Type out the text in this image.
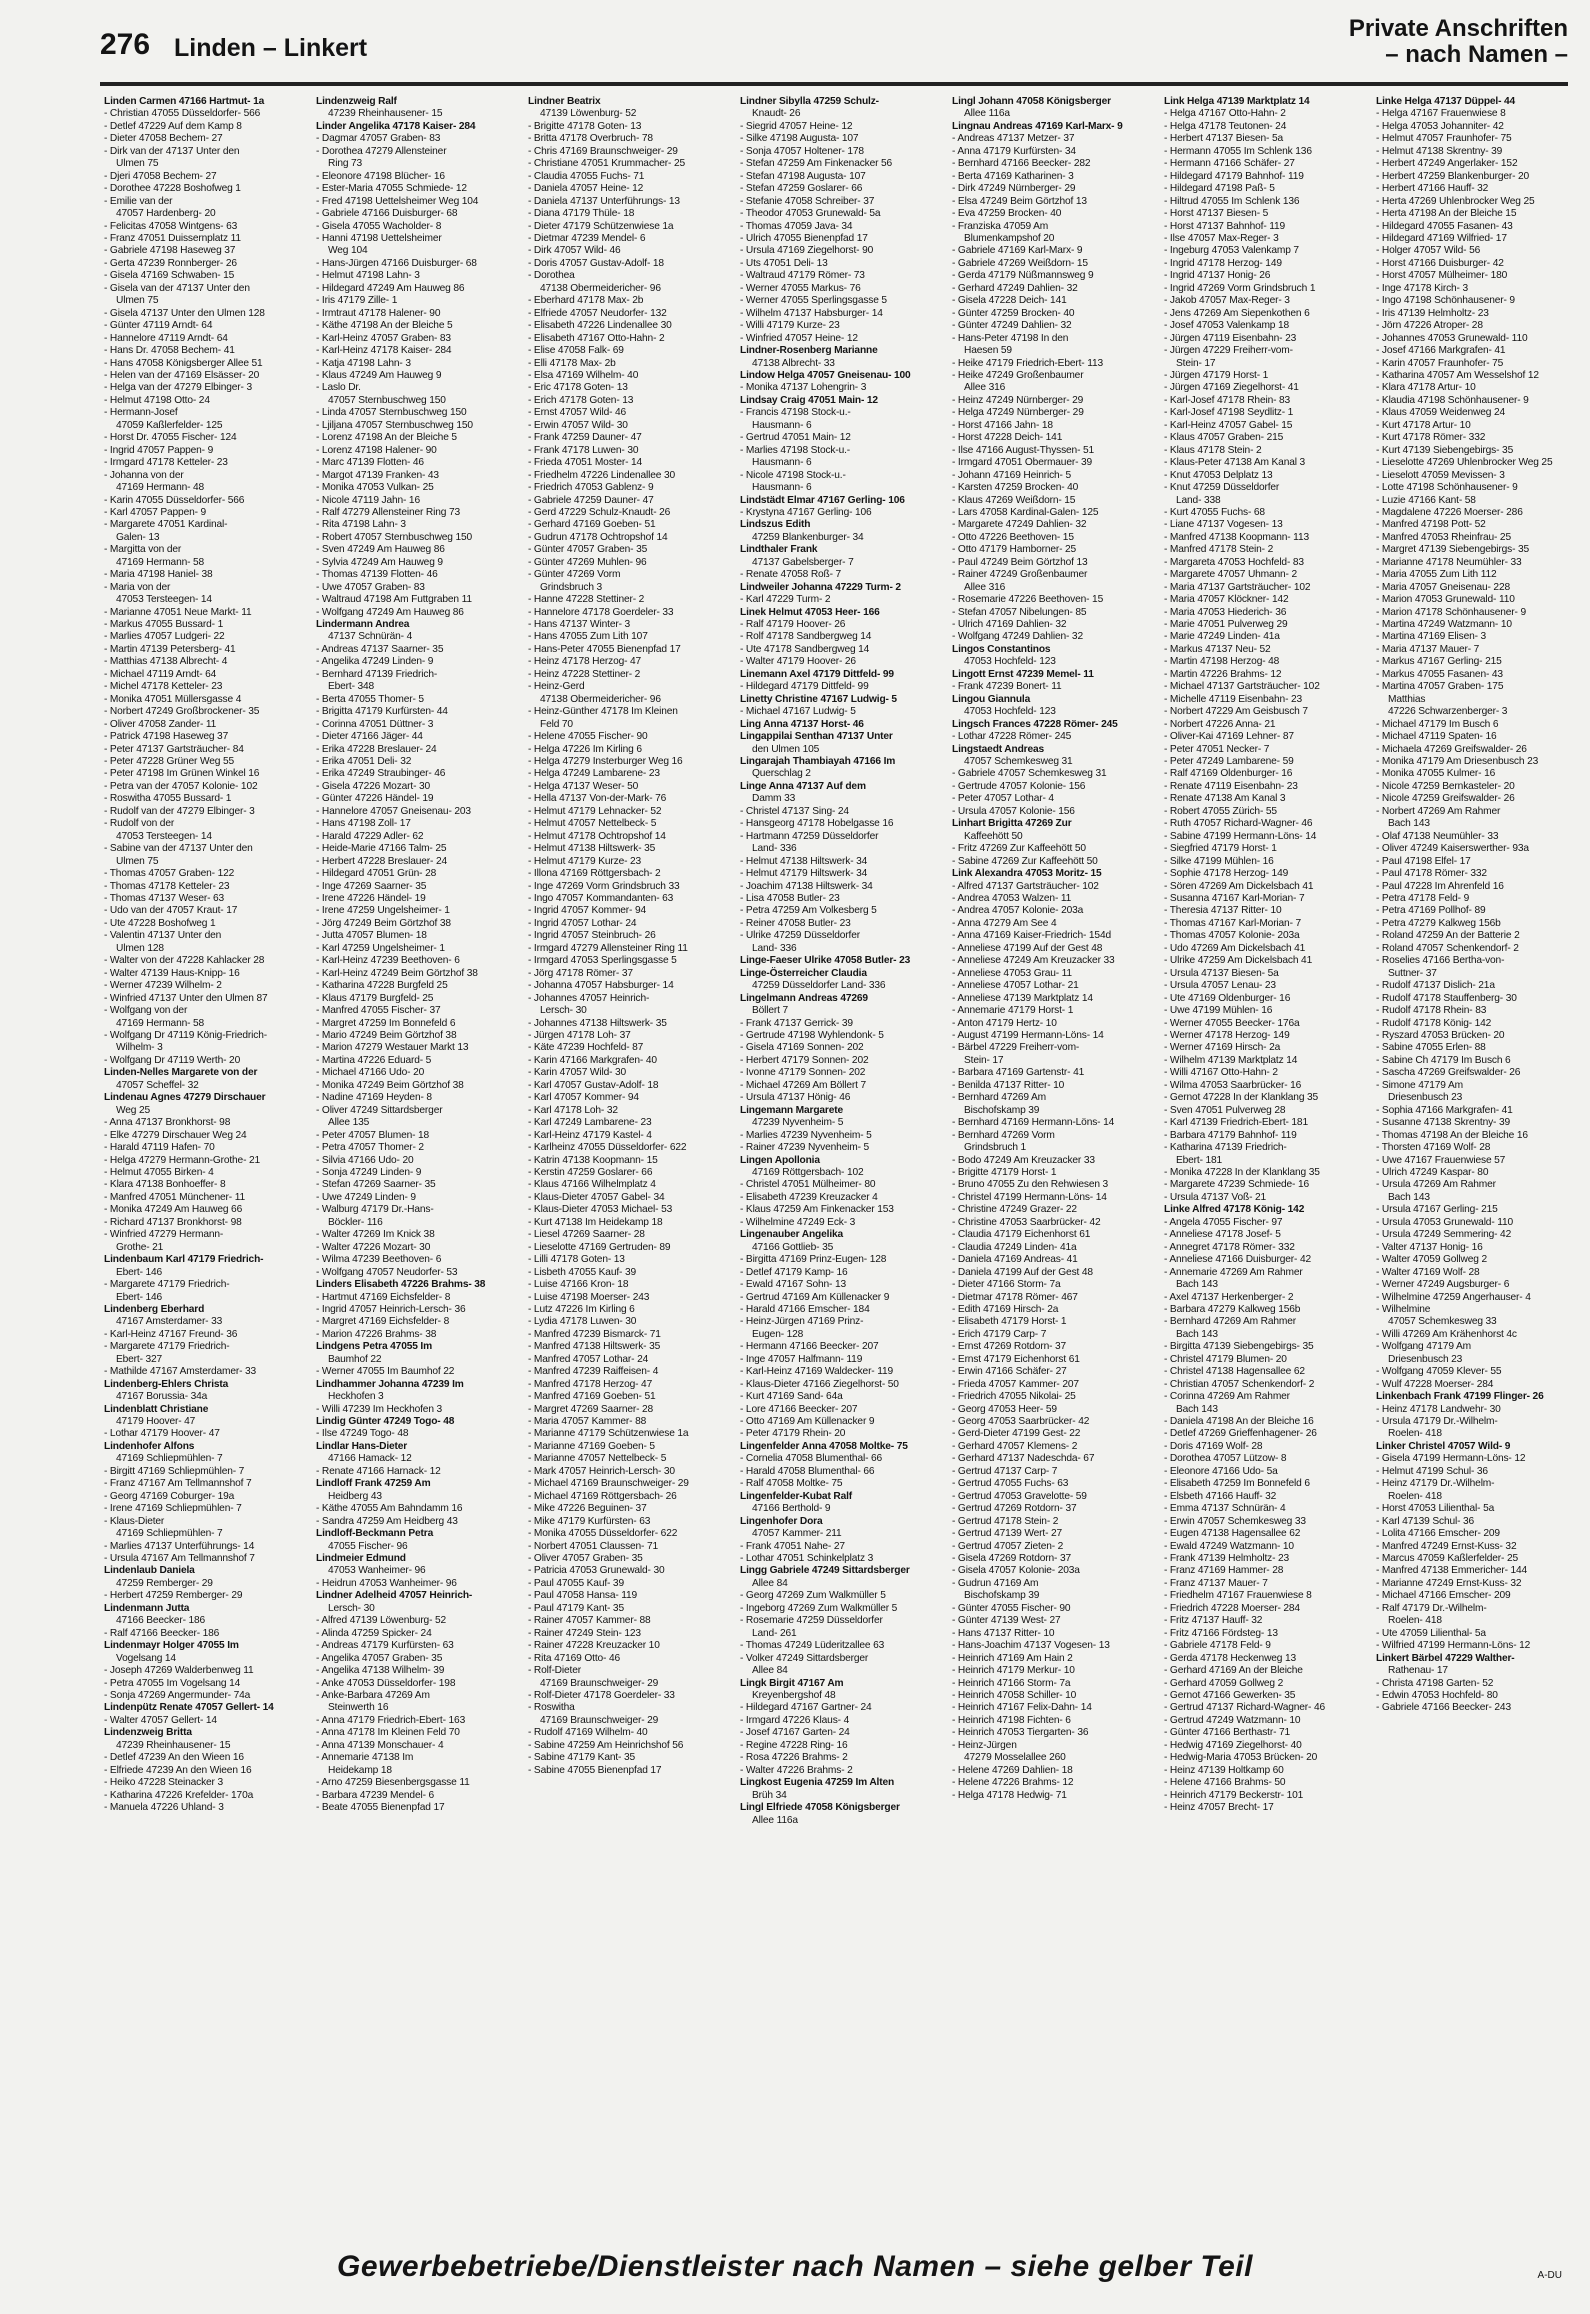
276 Linden – Linkert
Private Anschriften
– nach Namen –
Linden Carmen 47166 Hartmut- 1a
- Christian 47055 Düsseldorfer- 566
- Detlef 47229 Auf dem Kamp 8
- Dieter 47058 Bechem- 27
- Dirk van der 47137 Unter den
Ulmen 75
- Djeri 47058 Bechem- 27
- Dorothee 47228 Boshofweg 1
- Emilie van der
47057 Hardenberg- 20
- Felicitas 47058 Wintgens- 63
- Franz 47051 Duissernplatz 11
- Gabriele 47198 Haseweg 37
- Gerta 47239 Ronnberger- 26
- Gisela 47169 Schwaben- 15
- Gisela van der 47137 Unter den
Ulmen 75
- Gisela 47137 Unter den Ulmen 128
- Günter 47119 Arndt- 64
- Hannelore 47119 Arndt- 64
- Hans Dr. 47058 Bechem- 41
- Hans 47058 Königsberger Allee 51
- Helen van der 47169 Elsässer- 20
- Helga van der 47279 Elbinger- 3
- Helmut 47198 Otto- 24
- Hermann-Josef
47059 Kaßlerfelder- 125
- Horst Dr. 47055 Fischer- 124
- Ingrid 47057 Pappen- 9
- Irmgard 47178 Ketteler- 23
- Johanna von der
47169 Hermann- 48
- Karin 47055 Düsseldorfer- 566
- Karl 47057 Pappen- 9
- Margarete 47051 Kardinal-
Galen- 13
- Margitta von der
47169 Hermann- 58
- Maria 47198 Haniel- 38
- Maria von der
47053 Tersteegen- 14
- Marianne 47051 Neue Markt- 11
- Markus 47055 Bussard- 1
- Marlies 47057 Ludgeri- 22
- Martin 47139 Petersberg- 41
- Matthias 47138 Albrecht- 4
- Michael 47119 Arndt- 64
- Michel 47178 Ketteler- 23
- Monika 47051 Müllersgasse 4
- Norbert 47249 Großbrockener- 35
- Oliver 47058 Zander- 11
- Patrick 47198 Haseweg 37
- Peter 47137 Gartsträucher- 84
- Peter 47228 Grüner Weg 55
- Peter 47198 Im Grünen Winkel 16
- Petra van der 47057 Kolonie- 102
- Roswitha 47055 Bussard- 1
- Rudolf van der 47279 Elbinger- 3
- Rudolf von der
47053 Tersteegen- 14
- Sabine van der 47137 Unter den
Ulmen 75
- Thomas 47057 Graben- 122
- Thomas 47178 Ketteler- 23
- Thomas 47137 Weser- 63
- Udo van der 47057 Kraut- 17
- Ute 47228 Boshofweg 1
- Valentin 47137 Unter den
Ulmen 128
- Walter von der 47228 Kahlacker 28
- Walter 47139 Haus-Knipp- 16
- Werner 47239 Wilhelm- 2
- Winfried 47137 Unter den Ulmen 87
- Wolfgang von der
47169 Hermann- 58
- Wolfgang Dr 47119 König-Friedrich-
Wilhelm- 3
- Wolfgang Dr 47119 Werth- 20
Linden-Nelles Margarete von der
47057 Scheffel- 32
Lindenau Agnes 47279 Dirschauer
Weg 25
- Anna 47137 Bronkhorst- 98
- Elke 47279 Dirschauer Weg 24
- Harald 47119 Hafen- 70
- Helga 47279 Hermann-Grothe- 21
- Helmut 47055 Birken- 4
- Klara 47138 Bonhoeffer- 8
- Manfred 47051 Münchener- 11
- Monika 47249 Am Hauweg 66
- Richard 47137 Bronkhorst- 98
- Winfried 47279 Hermann-
Grothe- 21
Lindenbaum Karl 47179 Friedrich-
Ebert- 146
- Margarete 47179 Friedrich-
Ebert- 146
Lindenberg Eberhard
47167 Amsterdamer- 33
- Karl-Heinz 47167 Freund- 36
- Margarete 47179 Friedrich-
Ebert- 327
- Mathilde 47167 Amsterdamer- 33
Lindenberg-Ehlers Christa
47167 Borussia- 34a
Lindenblatt Christiane
47179 Hoover- 47
- Lothar 47179 Hoover- 47
Lindenhofer Alfons
47169 Schliepmühlen- 7
- Birgitt 47169 Schliepmühlen- 7
- Franz 47167 Am Tellmannshof 7
- Georg 47169 Coburger- 19a
- Irene 47169 Schliepmühlen- 7
- Klaus-Dieter
47169 Schliepmühlen- 7
- Marlies 47137 Unterführungs- 14
- Ursula 47167 Am Tellmannshof 7
Lindenlaub Daniela
47259 Remberger- 29
- Herbert 47259 Remberger- 29
Lindenmann Jutta
47166 Beecker- 186
- Ralf 47166 Beecker- 186
Lindenmayr Holger 47055 Im
Vogelsang 14
- Joseph 47269 Walderbenweg 11
- Petra 47055 Im Vogelsang 14
- Sonja 47269 Angermunder- 74a
Lindenpütz Renate 47057 Gellert- 14
- Walter 47057 Gellert- 14
Lindenzweig Britta
47239 Rheinhausener- 15
- Detlef 47239 An den Wieen 16
- Elfriede 47239 An den Wieen 16
- Heiko 47228 Steinacker 3
- Katharina 47226 Krefelder- 170a
- Manuela 47226 Uhland- 3
Lindenzweig Ralf
47239 Rheinhausener- 15
Linder Angelika 47178 Kaiser- 284
- Dagmar 47057 Graben- 83
- Dorothea 47279 Allensteiner
Ring 73
- Eleonore 47198 Blücher- 16
- Ester-Maria 47055 Schmiede- 12
- Fred 47198 Uettelsheimer Weg 104
- Gabriele 47166 Duisburger- 68
- Gisela 47055 Wacholder- 8
- Hanni 47198 Uettelsheimer
Weg 104
- Hans-Jürgen 47166 Duisburger- 68
- Helmut 47198 Lahn- 3
- Hildegard 47249 Am Hauweg 86
- Iris 47179 Zille- 1
- Irmtraut 47178 Halener- 90
- Käthe 47198 An der Bleiche 5
- Karl-Heinz 47057 Graben- 83
- Karl-Heinz 47178 Kaiser- 284
- Katja 47198 Lahn- 3
- Klaus 47249 Am Hauweg 9
- Laslo Dr.
47057 Sternbuschweg 150
- Linda 47057 Sternbuschweg 150
- Ljiljana 47057 Sternbuschweg 150
- Lorenz 47198 An der Bleiche 5
- Lorenz 47198 Halener- 90
- Marc 47139 Flotten- 46
- Margot 47139 Franken- 43
- Monika 47053 Vulkan- 25
- Nicole 47119 Jahn- 16
- Ralf 47279 Allensteiner Ring 73
- Rita 47198 Lahn- 3
- Robert 47057 Sternbuschweg 150
- Sven 47249 Am Hauweg 86
- Sylvia 47249 Am Hauweg 9
- Thomas 47139 Flotten- 46
- Uwe 47057 Graben- 83
- Waltraud 47198 Am Futtgraben 11
- Wolfgang 47249 Am Hauweg 86
Lindermann Andrea
47137 Schnürän- 4
- Andreas 47137 Saarner- 35
- Angelika 47249 Linden- 9
- Bernhard 47139 Friedrich-
Ebert- 348
- Berta 47055 Thomer- 5
- Brigitta 47179 Kurfürsten- 44
- Corinna 47051 Düttner- 3
- Dieter 47166 Jäger- 44
- Erika 47228 Breslauer- 24
- Erika 47051 Deli- 32
- Erika 47249 Straubinger- 46
- Gisela 47226 Mozart- 30
- Günter 47226 Händel- 19
- Hannelore 47057 Gneisenau- 203
- Hans 47198 Zoll- 17
- Harald 47229 Adler- 62
- Heide-Marie 47166 Talm- 25
- Herbert 47228 Breslauer- 24
- Hildegard 47051 Grün- 28
- Inge 47269 Saarner- 35
- Irene 47226 Händel- 19
- Irene 47259 Ungelsheimer- 1
- Jörg 47249 Beim Görtzhof 38
- Jutta 47057 Blumen- 18
- Karl 47259 Ungelsheimer- 1
- Karl-Heinz 47239 Beethoven- 6
- Karl-Heinz 47249 Beim Görtzhof 38
- Katharina 47228 Burgfeld 25
- Klaus 47179 Burgfeld- 25
- Manfred 47055 Fischer- 37
- Margret 47259 Im Bonnefeld 6
- Mario 47249 Beim Görtzhof 38
- Marion 47279 Westauer Markt 13
- Martina 47226 Eduard- 5
- Michael 47166 Udo- 20
- Monika 47249 Beim Görtzhof 38
- Nadine 47169 Heyden- 8
- Oliver 47249 Sittardsberger
Allee 135
- Peter 47057 Blumen- 18
- Petra 47057 Thomer- 2
- Silvia 47166 Udo- 20
- Sonja 47249 Linden- 9
- Stefan 47269 Saarner- 35
- Uwe 47249 Linden- 9
- Walburg 47179 Dr.-Hans-
Böckler- 116
- Walter 47269 Im Knick 38
- Walter 47226 Mozart- 30
- Wilma 47239 Beethoven- 6
- Wolfgang 47057 Neudorfer- 53
Linders Elisabeth 47226 Brahms- 38
- Hartmut 47169 Eichsfelder- 8
- Ingrid 47057 Heinrich-Lersch- 36
- Margret 47169 Eichsfelder- 8
- Marion 47226 Brahms- 38
Lindgens Petra 47055 Im
Baumhof 22
- Werner 47055 Im Baumhof 22
Lindhammer Johanna 47239 Im
Heckhofen 3
- Willi 47239 Im Heckhofen 3
Lindig Günter 47249 Togo- 48
- Ilse 47249 Togo- 48
Lindlar Hans-Dieter
47166 Hamack- 12
- Renate 47166 Harnack- 12
Lindloff Frank 47259 Am
Heidberg 43
- Käthe 47055 Am Bahndamm 16
- Sandra 47259 Am Heidberg 43
Lindloff-Beckmann Petra
47055 Fischer- 96
Lindmeier Edmund
47053 Wanheimer- 96
- Heidrun 47053 Wanheimer- 96
Lindner Adelheid 47057 Heinrich-
Lersch- 30
- Alfred 47139 Löwenburg- 52
- Alinda 47259 Spicker- 24
- Andreas 47179 Kurfürsten- 63
- Angelika 47057 Graben- 35
- Angelika 47138 Wilhelm- 39
- Anke 47053 Düsseldorfer- 198
- Anke-Barbara 47269 Am
Steinwerth 16
- Anna 47179 Friedrich-Ebert- 163
- Anna 47178 Im Kleinen Feld 70
- Anna 47139 Monschauer- 4
- Annemarie 47138 Im
Heidekamp 18
- Arno 47259 Biesenbergsgasse 11
- Barbara 47239 Mendel- 6
- Beate 47055 Bienenpfad 17
Lindner Beatrix
47139 Löwenburg- 52
- Brigitte 47178 Goten- 13
- Britta 47178 Overbruch- 78
- Chris 47169 Braunschweiger- 29
- Christiane 47051 Krummacher- 25
- Claudia 47055 Fuchs- 71
- Daniela 47057 Heine- 12
- Daniela 47137 Unterführungs- 13
- Diana 47179 Thüle- 18
- Dieter 47179 Schützenwiese 1a
- Dietmar 47239 Mendel- 6
- Dirk 47057 Wild- 46
- Doris 47057 Gustav-Adolf- 18
- Dorothea
47138 Obermeidericher- 96
- Eberhard 47178 Max- 2b
- Elfriede 47057 Neudorfer- 132
- Elisabeth 47226 Lindenallee 30
- Elisabeth 47167 Otto-Hahn- 2
- Elise 47058 Falk- 69
- Elli 47178 Max- 2b
- Elsa 47169 Wilhelm- 40
- Eric 47178 Goten- 13
- Erich 47178 Goten- 13
- Ernst 47057 Wild- 46
- Erwin 47057 Wild- 30
- Frank 47259 Dauner- 47
- Frank 47178 Luwen- 30
- Frieda 47051 Moster- 14
- Friedhelm 47226 Lindenallee 30
- Friedrich 47053 Gablenz- 9
- Gabriele 47259 Dauner- 47
- Gerd 47229 Schulz-Knaudt- 26
- Gerhard 47169 Goeben- 51
- Gudrun 47178 Ochtropshof 14
- Günter 47057 Graben- 35
- Günter 47269 Muhlen- 96
- Günter 47269 Vorm
Grindsbruch 3
- Hanne 47228 Stettiner- 2
- Hannelore 47178 Goerdeler- 33
- Hans 47137 Winter- 3
- Hans 47055 Zum Lith 107
- Hans-Peter 47055 Bienenpfad 17
- Heinz 47178 Herzog- 47
- Heinz 47228 Stettiner- 2
- Heinz-Gerd
47138 Obermeidericher- 96
- Heinz-Günther 47178 Im Kleinen
Feld 70
- Helene 47055 Fischer- 90
- Helga 47226 Im Kirling 6
- Helga 47279 Insterburger Weg 16
- Helga 47249 Lambarene- 23
- Helga 47137 Weser- 50
- Hella 47137 Von-der-Mark- 76
- Helmut 47179 Lehnacker- 52
- Helmut 47057 Nettelbeck- 5
- Helmut 47178 Ochtropshof 14
- Helmut 47138 Hiltswerk- 35
- Helmut 47179 Kurze- 23
- Illona 47169 Röttgersbach- 2
- Inge 47269 Vorm Grindsbruch 33
- Ingo 47057 Kommandanten- 63
- Ingrid 47057 Kommer- 94
- Ingrid 47057 Lothar- 24
- Ingrid 47057 Steinbruch- 26
- Irmgard 47279 Allensteiner Ring 11
- Irmgard 47053 Sperlingsgasse 5
- Jörg 47178 Römer- 37
- Johanna 47057 Habsburger- 14
- Johannes 47057 Heinrich-
Lersch- 30
- Johannes 47138 Hiltswerk- 35
- Jürgen 47178 Loh- 37
- Käte 47239 Hochfeld- 87
- Karin 47166 Markgrafen- 40
- Karin 47057 Wild- 30
- Karl 47057 Gustav-Adolf- 18
- Karl 47057 Kommer- 94
- Karl 47178 Loh- 32
- Karl 47249 Lambarene- 23
- Karl-Heinz 47179 Kastel- 4
- Karlheinz 47055 Düsseldorfer- 622
- Katrin 47138 Koopmann- 15
- Kerstin 47259 Goslarer- 66
- Klaus 47166 Wilhelmplatz 4
- Klaus-Dieter 47057 Gabel- 34
- Klaus-Dieter 47053 Michael- 53
- Kurt 47138 Im Heidekamp 18
- Liesel 47269 Saarner- 28
- Lieselotte 47169 Gertruden- 89
- Lilli 47178 Goten- 13
- Lisbeth 47055 Kauf- 39
- Luise 47166 Kron- 18
- Luise 47198 Moerser- 243
- Lutz 47226 Im Kirling 6
- Lydia 47178 Luwen- 30
- Manfred 47239 Bismarck- 71
- Manfred 47138 Hiltswerk- 35
- Manfred 47057 Lothar- 24
- Manfred 47239 Raiffeisen- 4
- Manfred 47178 Herzog- 47
- Manfred 47169 Goeben- 51
- Margret 47269 Saarner- 28
- Maria 47057 Kammer- 88
- Marianne 47179 Schützenwiese 1a
- Marianne 47169 Goeben- 5
- Marianne 47057 Nettelbeck- 5
- Mark 47057 Heinrich-Lersch- 30
- Michael 47169 Braunschweiger- 29
- Michael 47169 Röttgersbach- 26
- Mike 47226 Beguinen- 37
- Mike 47179 Kurfürsten- 63
- Monika 47055 Düsseldorfer- 622
- Norbert 47051 Claussen- 71
- Oliver 47057 Graben- 35
- Patricia 47053 Grunewald- 30
- Paul 47055 Kauf- 39
- Paul 47058 Hansa- 119
- Paul 47179 Kant- 35
- Rainer 47057 Kammer- 88
- Rainer 47249 Stein- 123
- Rainer 47228 Kreuzacker 10
- Rita 47169 Otto- 46
- Rolf-Dieter
47169 Braunschweiger- 29
- Rolf-Dieter 47178 Goerdeler- 33
- Roswitha
47169 Braunschweiger- 29
- Rudolf 47169 Wilhelm- 40
- Sabine 47259 Am Heinrichshof 56
- Sabine 47179 Kant- 35
- Sabine 47055 Bienenpfad 17
Lindner Sibylla 47259 Schulz-
Knaudt- 26
- Siegrid 47057 Heine- 12
- Silke 47198 Augusta- 107
- Sonja 47057 Holtener- 178
- Stefan 47259 Am Finkenacker 56
- Stefan 47198 Augusta- 107
- Stefan 47259 Goslarer- 66
- Stefanie 47058 Schreiber- 37
- Theodor 47053 Grunewald- 5a
- Thomas 47059 Java- 34
- Ulrich 47055 Bienenpfad 17
- Ursula 47169 Ziegelhorst- 90
- Uts 47051 Deli- 13
- Waltraud 47179 Römer- 73
- Werner 47055 Markus- 76
- Werner 47055 Sperlingsgasse 5
- Wilhelm 47137 Habsburger- 14
- Willi 47179 Kurze- 23
- Winfried 47057 Heine- 12
Lindner-Rosenberg Marianne
47138 Albrecht- 33
Lindow Helga 47057 Gneisenau- 100
- Monika 47137 Lohengrin- 3
Lindsay Craig 47051 Main- 12
- Francis 47198 Stock-u.-
Hausmann- 6
- Gertrud 47051 Main- 12
- Marlies 47198 Stock-u.-
Hausmann- 6
- Nicole 47198 Stock-u.-
Hausmann- 6
Lindstädt Elmar 47167 Gerling- 106
- Krystyna 47167 Gerling- 106
Lindszus Edith
47259 Blankenburger- 34
Lindthaler Frank
47137 Gabelsberger- 7
- Renate 47058 Roß- 7
Lindweiler Johanna 47229 Turm- 2
- Karl 47229 Turm- 2
Linek Helmut 47053 Heer- 166
- Ralf 47179 Hoover- 26
- Rolf 47178 Sandbergweg 14
- Ute 47178 Sandbergweg 14
- Walter 47179 Hoover- 26
Linemann Axel 47179 Dittfeld- 99
- Hildegard 47179 Dittfeld- 99
Linetty Christine 47167 Ludwig- 5
- Michael 47167 Ludwig- 5
Ling Anna 47137 Horst- 46
Lingappilai Senthan 47137 Unter
den Ulmen 105
Lingarajah Thambiayah 47166 Im
Querschlag 2
Linge Anna 47137 Auf dem
Damm 33
- Christel 47137 Sing- 24
- Hansgeorg 47178 Hobelgasse 16
- Hartmann 47259 Düsseldorfer
Land- 336
- Helmut 47138 Hiltswerk- 34
- Helmut 47179 Hiltswerk- 34
- Joachim 47138 Hiltswerk- 34
- Lisa 47058 Butler- 23
- Petra 47259 Am Volkesberg 5
- Reiner 47058 Butler- 23
- Ulrike 47259 Düsseldorfer
Land- 336
Linge-Faeser Ulrike 47058 Butler- 23
Linge-Österreicher Claudia
47259 Düsseldorfer Land- 336
Lingelmann Andreas 47269
Böllert 7
- Frank 47137 Gerrick- 39
- Gertrude 47198 Wyhlendonk- 5
- Gisela 47169 Sonnen- 202
- Herbert 47179 Sonnen- 202
- Ivonne 47179 Sonnen- 202
- Michael 47269 Am Böllert 7
- Ursula 47137 Hönig- 46
Lingemann Margarete
47239 Nyvenheim- 5
- Marlies 47239 Nyvenheim- 5
- Rainer 47239 Nyvenheim- 5
Lingen Apollonia
47169 Röttgersbach- 102
- Christel 47051 Mülheimer- 80
- Elisabeth 47239 Kreuzacker 4
- Klaus 47259 Am Finkenacker 153
- Wilhelmine 47249 Eck- 3
Lingenauber Angelika
47166 Gottlieb- 35
- Birgitta 47169 Prinz-Eugen- 128
- Detlef 47179 Kamp- 16
- Ewald 47167 Sohn- 13
- Gertrud 47169 Am Küllenacker 9
- Harald 47166 Emscher- 184
- Heinz-Jürgen 47169 Prinz-
Eugen- 128
- Hermann 47166 Beecker- 207
- Inge 47057 Halfmann- 119
- Karl-Heinz 47169 Waldecker- 119
- Klaus-Dieter 47166 Ziegelhorst- 50
- Kurt 47169 Sand- 64a
- Lore 47166 Beecker- 207
- Otto 47169 Am Küllenacker 9
- Peter 47179 Rhein- 20
Lingenfelder Anna 47058 Moltke- 75
- Cornelia 47058 Blumenthal- 66
- Harald 47058 Blumenthal- 66
- Ralf 47058 Moltke- 75
Lingenfelder-Kubat Ralf
47166 Berthold- 9
Lingenhofer Dora
47057 Kammer- 211
- Frank 47051 Nahe- 27
- Lothar 47051 Schinkelplatz 3
Lingg Gabriele 47249 Sittardsberger
Allee 84
- Georg 47269 Zum Walkmüller 5
- Ingeborg 47269 Zum Walkmüller 5
- Rosemarie 47259 Düsseldorfer
Land- 261
- Thomas 47249 Lüderitzallee 63
- Volker 47249 Sittardsberger
Allee 84
Lingk Birgit 47167 Am
Kreyenbergshof 48
- Hildegard 47167 Gartner- 24
- Irmgard 47226 Klaus- 4
- Josef 47167 Garten- 24
- Regine 47228 Ring- 16
- Rosa 47226 Brahms- 2
- Walter 47226 Brahms- 2
Lingkost Eugenia 47259 Im Alten
Brüh 34
Lingl Elfriede 47058 Königsberger
Allee 116a
Lingl Johann 47058 Königsberger
Allee 116a
Lingnau Andreas 47169 Karl-Marx- 9
- Andreas 47137 Metzer- 37
- Anna 47179 Kurfürsten- 34
- Bernhard 47166 Beecker- 282
- Berta 47169 Katharinen- 3
- Dirk 47249 Nürnberger- 29
- Elsa 47249 Beim Görtzhof 13
- Eva 47259 Brocken- 40
- Franziska 47059 Am
Blumenkampshof 20
- Gabriele 47169 Karl-Marx- 9
- Gabriele 47269 Weißdorn- 15
- Gerda 47179 Nüßmannsweg 9
- Gerhard 47249 Dahlien- 32
- Gisela 47228 Deich- 141
- Günter 47259 Brocken- 40
- Günter 47249 Dahlien- 32
- Hans-Peter 47198 In den
Haesen 59
- Heike 47179 Friedrich-Ebert- 113
- Heike 47249 Großenbaumer
Allee 316
- Heinz 47249 Nürnberger- 29
- Helga 47249 Nürnberger- 29
- Horst 47166 Jahn- 18
- Horst 47228 Deich- 141
- Ilse 47166 August-Thyssen- 51
- Irmgard 47051 Obermauer- 39
- Johann 47169 Heinrich- 5
- Karsten 47259 Brocken- 40
- Klaus 47269 Weißdorn- 15
- Lars 47058 Kardinal-Galen- 125
- Margarete 47249 Dahlien- 32
- Otto 47226 Beethoven- 15
- Otto 47179 Hamborner- 25
- Paul 47249 Beim Görtzhof 13
- Rainer 47249 Großenbaumer
Allee 316
- Rosemarie 47226 Beethoven- 15
- Stefan 47057 Nibelungen- 85
- Ulrich 47169 Dahlien- 32
- Wolfgang 47249 Dahlien- 32
Lingos Constantinos
47053 Hochfeld- 123
Lingott Ernst 47239 Memel- 11
- Frank 47239 Bonert- 11
Lingou Giannula
47053 Hochfeld- 123
Lingsch Frances 47228 Römer- 245
- Lothar 47228 Römer- 245
Lingstaedt Andreas
47057 Schemkesweg 31
- Gabriele 47057 Schemkesweg 31
- Gertrude 47057 Kolonie- 156
- Peter 47057 Lothar- 4
- Ursula 47057 Kolonie- 156
Linhart Brigitta 47269 Zur
Kaffeehött 50
- Fritz 47269 Zur Kaffeehött 50
- Sabine 47269 Zur Kaffeehött 50
Link Alexandra 47053 Moritz- 15
- Alfred 47137 Gartsträucher- 102
- Andrea 47053 Walzen- 11
- Andrea 47057 Kolonie- 203a
- Anna 47279 Am See 4
- Anna 47169 Kaiser-Friedrich- 154d
- Anneliese 47199 Auf der Gest 48
- Anneliese 47249 Am Kreuzacker 33
- Anneliese 47053 Grau- 11
- Anneliese 47057 Lothar- 21
- Anneliese 47139 Marktplatz 14
- Annemarie 47179 Horst- 1
- Anton 47179 Hertz- 10
- August 47199 Hermann-Löns- 14
- Bärbel 47229 Freiherr-vom-
Stein- 17
- Barbara 47169 Gartenstr- 41
- Benilda 47137 Ritter- 10
- Bernhard 47269 Am
Bischofskamp 39
- Bernhard 47169 Hermann-Löns- 14
- Bernhard 47269 Vorm
Grindsbruch 1
- Bodo 47249 Am Kreuzacker 33
- Brigitte 47179 Horst- 1
- Bruno 47055 Zu den Rehwiesen 3
- Christel 47199 Hermann-Löns- 14
- Christine 47249 Grazer- 22
- Christine 47053 Saarbrücker- 42
- Claudia 47179 Eichenhorst 61
- Claudia 47249 Linden- 41a
- Daniela 47169 Andreas- 41
- Daniela 47199 Auf der Gest 48
- Dieter 47166 Storm- 7a
- Dietmar 47178 Römer- 467
- Edith 47169 Hirsch- 2a
- Elisabeth 47179 Horst- 1
- Erich 47179 Carp- 7
- Ernst 47269 Rotdorn- 37
- Ernst 47179 Eichenhorst 61
- Erwin 47166 Schäfer- 27
- Frieda 47057 Kammer- 207
- Friedrich 47055 Nikolai- 25
- Georg 47053 Heer- 59
- Georg 47053 Saarbrücker- 42
- Gerd-Dieter 47199 Gest- 22
- Gerhard 47057 Klemens- 2
- Gerhard 47137 Nadeschda- 67
- Gertrud 47137 Carp- 7
- Gertrud 47055 Fuchs- 63
- Gertrud 47053 Gravelotte- 59
- Gertrud 47269 Rotdorn- 37
- Gertrud 47178 Stein- 2
- Gertrud 47139 Wert- 27
- Gertrud 47057 Zieten- 2
- Gisela 47269 Rotdorn- 37
- Gisela 47057 Kolonie- 203a
- Gudrun 47169 Am
Bischofskamp 39
- Günter 47055 Fischer- 90
- Günter 47139 West- 27
- Hans 47137 Ritter- 10
- Hans-Joachim 47137 Vogesen- 13
- Heinrich 47169 Am Hain 2
- Heinrich 47179 Merkur- 10
- Heinrich 47166 Storm- 7a
- Heinrich 47058 Schiller- 10
- Heinrich 47167 Felix-Dahn- 14
- Heinrich 47198 Fichten- 6
- Heinrich 47053 Tiergarten- 36
- Heinz-Jürgen
47279 Mosselallee 260
- Helene 47269 Dahlien- 18
- Helene 47226 Brahms- 12
- Helga 47178 Hedwig- 71
Link Helga 47139 Marktplatz 14
- Helga 47167 Otto-Hahn- 2
- Helga 47178 Teutonen- 24
- Herbert 47137 Biesen- 5a
- Hermann 47055 Im Schlenk 136
- Hermann 47166 Schäfer- 27
- Hildegard 47179 Bahnhof- 119
- Hildegard 47198 Paß- 5
- Hiltrud 47055 Im Schlenk 136
- Horst 47137 Biesen- 5
- Horst 47137 Bahnhof- 119
- Ilse 47057 Max-Reger- 3
- Ingeburg 47053 Valenkamp 7
- Ingrid 47178 Herzog- 149
- Ingrid 47137 Honig- 26
- Ingrid 47269 Vorm Grindsbruch 1
- Jakob 47057 Max-Reger- 3
- Jens 47269 Am Siepenkothen 6
- Josef 47053 Valenkamp 18
- Jürgen 47119 Eisenbahn- 23
- Jürgen 47229 Freiherr-vom-
Stein- 17
- Jürgen 47179 Horst- 1
- Jürgen 47169 Ziegelhorst- 41
- Karl-Josef 47178 Rhein- 83
- Karl-Josef 47198 Seydlitz- 1
- Karl-Heinz 47057 Gabel- 15
- Klaus 47057 Graben- 215
- Klaus 47178 Stein- 2
- Klaus-Peter 47138 Am Kanal 3
- Knut 47053 Delplatz 13
- Knut 47259 Düsseldorfer
Land- 338
- Kurt 47055 Fuchs- 68
- Liane 47137 Vogesen- 13
- Manfred 47138 Koopmann- 113
- Manfred 47178 Stein- 2
- Margareta 47053 Hochfeld- 83
- Margarete 47057 Uhmann- 2
- Maria 47137 Gartsträucher- 102
- Maria 47057 Klöckner- 142
- Maria 47053 Hiederich- 36
- Marie 47051 Pulverweg 29
- Marie 47249 Linden- 41a
- Markus 47137 Neu- 52
- Martin 47198 Herzog- 48
- Martin 47226 Brahms- 12
- Michael 47137 Gartsträucher- 102
- Michelle 47119 Eisenbahn- 23
- Norbert 47229 Am Geisbusch 7
- Norbert 47226 Anna- 21
- Oliver-Kai 47169 Lehner- 87
- Peter 47051 Necker- 7
- Peter 47249 Lambarene- 59
- Ralf 47169 Oldenburger- 16
- Renate 47119 Eisenbahn- 23
- Renate 47138 Am Kanal 3
- Robert 47055 Zürich- 55
- Ruth 47057 Richard-Wagner- 46
- Sabine 47199 Hermann-Löns- 14
- Siegfried 47179 Horst- 1
- Silke 47199 Mühlen- 16
- Sophie 47178 Herzog- 149
- Sören 47269 Am Dickelsbach 41
- Susanna 47167 Karl-Morian- 7
- Theresia 47137 Ritter- 10
- Thomas 47167 Karl-Morian- 7
- Thomas 47057 Kolonie- 203a
- Udo 47269 Am Dickelsbach 41
- Ulrike 47259 Am Dickelsbach 41
- Ursula 47137 Biesen- 5a
- Ursula 47057 Lenau- 23
- Ute 47169 Oldenburger- 16
- Uwe 47199 Mühlen- 16
- Werner 47055 Beecker- 176a
- Werner 47178 Herzog- 149
- Werner 47169 Hirsch- 2a
- Wilhelm 47139 Marktplatz 14
- Willi 47167 Otto-Hahn- 2
- Wilma 47053 Saarbrücker- 16
- Gernot 47228 In der Klanklang 35
- Sven 47051 Pulverweg 28
- Karl 47139 Friedrich-Ebert- 181
- Barbara 47179 Bahnhof- 119
- Katharina 47139 Friedrich-
Ebert- 181
- Monika 47228 In der Klanklang 35
- Margarete 47239 Schmiede- 16
- Ursula 47137 Voß- 21
Linke Alfred 47178 König- 142
- Angela 47055 Fischer- 97
- Anneliese 47178 Josef- 5
- Annegret 47178 Römer- 332
- Anneliese 47166 Duisburger- 42
- Annemarie 47269 Am Rahmer
Bach 143
- Axel 47137 Herkenberger- 2
- Barbara 47279 Kalkweg 156b
- Bernhard 47269 Am Rahmer
Bach 143
- Birgitta 47139 Siebengebirgs- 35
- Christel 47179 Blumen- 20
- Christel 47138 Hagensallee 62
- Christian 47057 Schenkendorf- 2
- Corinna 47269 Am Rahmer
Bach 143
- Daniela 47198 An der Bleiche 16
- Detlef 47269 Grieffenhagener- 26
- Doris 47169 Wolf- 28
- Dorothea 47057 Lützow- 8
- Eleonore 47166 Udo- 5a
- Elisabeth 47259 Im Bonnefeld 6
- Elsbeth 47166 Hauff- 32
- Emma 47137 Schnürän- 4
- Erwin 47057 Schemkesweg 33
- Eugen 47138 Hagensallee 62
- Ewald 47249 Watzmann- 10
- Frank 47139 Helmholtz- 23
- Franz 47169 Hammer- 28
- Franz 47137 Mauer- 7
- Friedhelm 47167 Frauenwiese 8
- Friedrich 47228 Moerser- 284
- Fritz 47137 Hauff- 32
- Fritz 47166 Fördsteg- 13
- Gabriele 47178 Feld- 9
- Gerda 47178 Heckenweg 13
- Gerhard 47169 An der Bleiche
- Gerhard 47059 Gollweg 2
- Gernot 47166 Gewerken- 35
- Gertrud 47137 Richard-Wagner- 46
- Gertrud 47249 Watzmann- 10
- Günter 47166 Berthastr- 71
- Hedwig 47169 Ziegelhorst- 40
- Hedwig-Maria 47053 Brücken- 20
- Heinz 47139 Holtkamp 60
- Helene 47166 Brahms- 50
- Heinrich 47179 Beckerstr- 101
- Heinz 47057 Brecht- 17
Linke Helga 47137 Düppel- 44
- Helga 47167 Frauenwiese 8
- Helga 47053 Johanniter- 42
- Helmut 47057 Fraunhofer- 75
- Helmut 47138 Skrentny- 39
- Herbert 47249 Angerlaker- 152
- Herbert 47259 Blankenburger- 20
- Herbert 47166 Hauff- 32
- Herta 47269 Uhlenbrocker Weg 25
- Herta 47198 An der Bleiche 15
- Hildegard 47055 Fasanen- 43
- Hildegard 47169 Wilfried- 17
- Holger 47057 Wild- 56
- Horst 47166 Duisburger- 42
- Horst 47057 Mülheimer- 180
- Inge 47178 Kirch- 3
- Ingo 47198 Schönhausener- 9
- Iris 47139 Helmholtz- 23
- Jörn 47226 Atroper- 28
- Johannes 47053 Grunewald- 110
- Josef 47166 Markgrafen- 41
- Karin 47057 Fraunhofer- 75
- Katharina 47057 Am Wesselshof 12
- Klara 47178 Artur- 10
- Klaudia 47198 Schönhausener- 9
- Klaus 47059 Weidenweg 24
- Kurt 47178 Artur- 10
- Kurt 47178 Römer- 332
- Kurt 47139 Siebengebirgs- 35
- Lieselotte 47269 Uhlenbrocker Weg 25
- Lieselott 47059 Mevissen- 3
- Lotte 47198 Schönhausener- 9
- Luzie 47166 Kant- 58
- Magdalene 47226 Moerser- 286
- Manfred 47198 Pott- 52
- Manfred 47053 Rheinfrau- 25
- Margret 47139 Siebengebirgs- 35
- Marianne 47178 Neumühler- 33
- Maria 47055 Zum Lith 112
- Maria 47057 Gneisenau- 228
- Marion 47053 Grunewald- 110
- Marion 47178 Schönhausener- 9
- Martina 47249 Watzmann- 10
- Martina 47169 Elisen- 3
- Maria 47137 Mauer- 7
- Markus 47167 Gerling- 215
- Markus 47055 Fasanen- 43
- Martina 47057 Graben- 175
Matthias
47226 Schwarzenberger- 3
- Michael 47179 Im Busch 6
- Michael 47119 Spaten- 16
- Michaela 47269 Greifswalder- 26
- Monika 47179 Am Driesenbusch 23
- Monika 47055 Kulmer- 16
- Nicole 47259 Bernkasteler- 20
- Nicole 47259 Greifswalder- 26
- Norbert 47269 Am Rahmer
Bach 143
- Olaf 47138 Neumühler- 33
- Oliver 47249 Kaiserswerther- 93a
- Paul 47198 Elfel- 17
- Paul 47178 Römer- 332
- Paul 47228 Im Ahrenfeld 16
- Petra 47178 Feld- 9
- Petra 47169 Pollhof- 89
- Petra 47279 Kalkweg 156b
- Roland 47259 An der Batterie 2
- Roland 47057 Schenkendorf- 2
- Roselies 47166 Bertha-von-
Suttner- 37
- Rudolf 47137 Dislich- 21a
- Rudolf 47178 Stauffenberg- 30
- Rudolf 47178 Rhein- 83
- Rudolf 47178 König- 142
- Ryszard 47053 Brücken- 20
- Sabine 47055 Erlen- 88
- Sabine Ch 47179 Im Busch 6
- Sascha 47269 Greifswalder- 26
- Simone 47179 Am
Driesenbusch 23
- Sophia 47166 Markgrafen- 41
- Susanne 47138 Skrentny- 39
- Thomas 47198 An der Bleiche 16
- Thorsten 47169 Wolf- 28
- Uwe 47167 Frauenwiese 57
- Ulrich 47249 Kaspar- 80
- Ursula 47269 Am Rahmer
Bach 143
- Ursula 47167 Gerling- 215
- Ursula 47053 Grunewald- 110
- Ursula 47249 Semmering- 42
- Valter 47137 Honig- 16
- Walter 47059 Gollweg 2
- Walter 47169 Wolf- 28
- Werner 47249 Augsburger- 6
- Wilhelmine 47259 Angerhauser- 4
- Wilhelmine
47057 Schemkesweg 33
- Willi 47269 Am Krähenhorst 4c
- Wolfgang 47179 Am
Driesenbusch 23
- Wolfgang 47059 Klever- 55
- Wulf 47228 Moerser- 284
Linkenbach Frank 47199 Flinger- 26
- Heinz 47178 Landwehr- 30
- Ursula 47179 Dr.-Wilhelm-
Roelen- 418
Linker Christel 47057 Wild- 9
- Gisela 47199 Hermann-Löns- 12
- Helmut 47199 Schul- 36
- Heinz 47179 Dr.-Wilhelm-
Roelen- 418
- Horst 47053 Lilienthal- 5a
- Karl 47139 Schul- 36
- Lolita 47166 Emscher- 209
- Manfred 47249 Ernst-Kuss- 32
- Marcus 47059 Kaßlerfelder- 25
- Manfred 47138 Emmericher- 144
- Marianne 47249 Ernst-Kuss- 32
- Michael 47166 Emscher- 209
- Ralf 47179 Dr.-Wilhelm-
Roelen- 418
- Ute 47059 Lilienthal- 5a
- Wilfried 47199 Hermann-Löns- 12
Linkert Bärbel 47229 Walther-
Rathenau- 17
- Christa 47198 Garten- 52
- Edwin 47053 Hochfeld- 80
- Gabriele 47166 Beecker- 243
Gewerbebetriebe/Dienstleister nach Namen – siehe gelber Teil	A-DU
